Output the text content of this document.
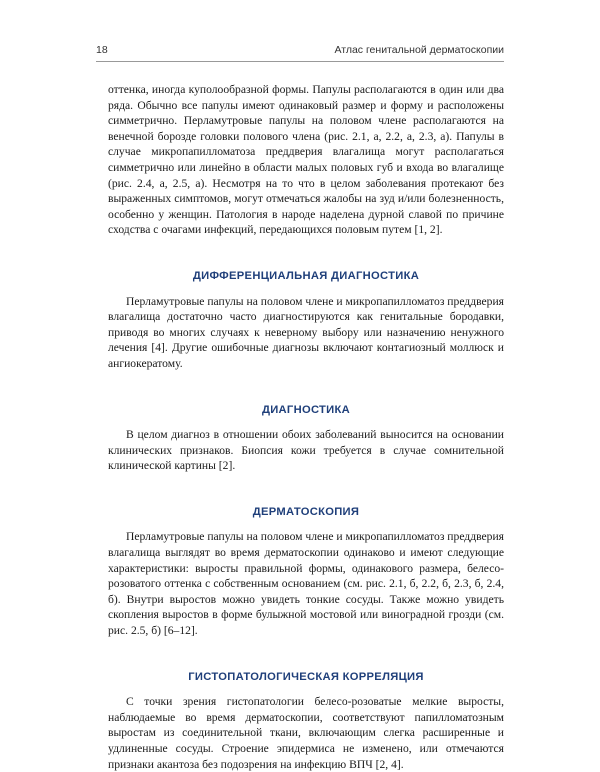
18	Атлас генитальной дерматоскопии

оттенка, иногда куполообразной формы. Папулы располагаются в один или два ряда. Обычно все папулы имеют одинаковый размер и форму и расположены симметрично. Перламутровые папулы на половом члене располагаются на венечной борозде головки полового члена (рис. 2.1, а, 2.2, а, 2.3, а). Папулы в случае микропапилломатоза преддверия влагалища могут располагаться симметрично или линейно в области малых половых губ и входа во влагалище (рис. 2.4, а, 2.5, а). Несмотря на то что в целом заболевания протекают без выраженных симптомов, могут отмечаться жалобы на зуд и/или болезненность, особенно у женщин. Патология в народе наделена дурной славой по причине сходства с очагами инфекций, передающихся половым путем [1, 2].

ДИФФЕРЕНЦИАЛЬНАЯ ДИАГНОСТИКА

Перламутровые папулы на половом члене и микропапилломатоз преддверия влагалища достаточно часто диагностируются как генитальные бородавки, приводя во многих случаях к неверному выбору или назначению ненужного лечения [4]. Другие ошибочные диагнозы включают контагиозный моллюск и ангиокератому.

ДИАГНОСТИКА

В целом диагноз в отношении обоих заболеваний выносится на основании клинических признаков. Биопсия кожи требуется в случае сомнительной клинической картины [2].

ДЕРМАТОСКОПИЯ

Перламутровые папулы на половом члене и микропапилломатоз преддверия влагалища выглядят во время дерматоскопии одинаково и имеют следующие характеристики: выросты правильной формы, одинакового размера, белесо-розоватого оттенка с собственным основанием (см. рис. 2.1, б, 2.2, б, 2.3, б, 2.4, б). Внутри выростов можно увидеть тонкие сосуды. Также можно увидеть скопления выростов в форме булыжной мостовой или виноградной грозди (см. рис. 2.5, б) [6–12].

ГИСТОПАТОЛОГИЧЕСКАЯ КОРРЕЛЯЦИЯ

С точки зрения гистопатологии белесо-розоватые мелкие выросты, наблюдаемые во время дерматоскопии, соответствуют папилломатозным выростам из соединительной ткани, включающим слегка расширенные и удлиненные сосуды. Строение эпидермиса не изменено, или отмечаются признаки акантоза без подозрения на инфекцию ВПЧ [2, 4].
